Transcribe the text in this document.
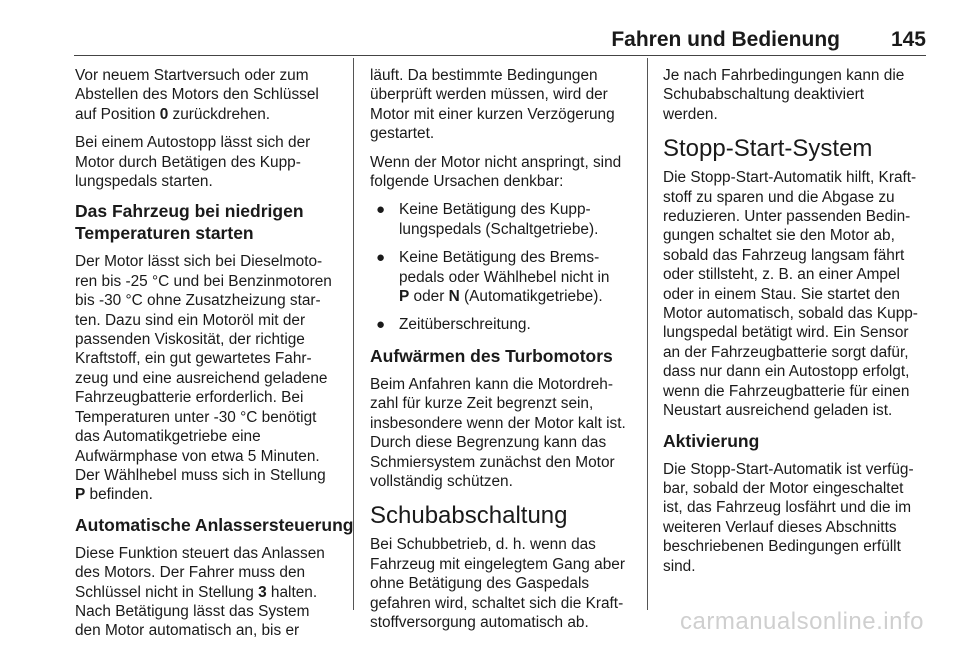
Fahren und Bedienung 145

Vor neuem Startversuch oder zum
Abstellen des Motors den Schlüssel
auf Position 0 zurückdrehen.

Bei einem Autostopp lässt sich der
Motor durch Betätigen des Kupp-
lungspedals starten.

Das Fahrzeug bei niedrigen
Temperaturen starten

Der Motor lässt sich bei Dieselmoto-
ren bis -25 °C und bei Benzinmotoren
bis -30 °C ohne Zusatzheizung star-
ten. Dazu sind ein Motoröl mit der
passenden Viskosität, der richtige
Kraftstoff, ein gut gewartetes Fahr-
zeug und eine ausreichend geladene
Fahrzeugbatterie erforderlich. Bei
Temperaturen unter -30 °C benötigt
das Automatikgetriebe eine
Aufwärmphase von etwa 5 Minuten.
Der Wählhebel muss sich in Stellung
P befinden.

Automatische Anlassersteuerung

Diese Funktion steuert das Anlassen
des Motors. Der Fahrer muss den
Schlüssel nicht in Stellung 3 halten.
Nach Betätigung lässt das System
den Motor automatisch an, bis er

läuft. Da bestimmte Bedingungen
überprüft werden müssen, wird der
Motor mit einer kurzen Verzögerung
gestartet.

Wenn der Motor nicht anspringt, sind
folgende Ursachen denkbar:

● Keine Betätigung des Kupp-
lungspedals (Schaltgetriebe).
● Keine Betätigung des Brems-
pedals oder Wählhebel nicht in
P oder N (Automatikgetriebe).
● Zeitüberschreitung.
Aufwärmen des Turbomotors

Beim Anfahren kann die Motordreh-
zahl für kurze Zeit begrenzt sein,
insbesondere wenn der Motor kalt ist.
Durch diese Begrenzung kann das
Schmiersystem zunächst den Motor
vollständig schützen.

Schubabschaltung

Bei Schubbetrieb, d. h. wenn das
Fahrzeug mit eingelegtem Gang aber
ohne Betätigung des Gaspedals
gefahren wird, schaltet sich die Kraft-
stoffversorgung automatisch ab.

Je nach Fahrbedingungen kann die
Schubabschaltung deaktiviert
werden.

Stopp-Start-System

Die Stopp-Start-Automatik hilft, Kraft-
stoff zu sparen und die Abgase zu
reduzieren. Unter passenden Bedin-
gungen schaltet sie den Motor ab,
sobald das Fahrzeug langsam fährt
oder stillsteht, z. B. an einer Ampel
oder in einem Stau. Sie startet den
Motor automatisch, sobald das Kupp-
lungspedal betätigt wird. Ein Sensor
an der Fahrzeugbatterie sorgt dafür,
dass nur dann ein Autostopp erfolgt,
wenn die Fahrzeugbatterie für einen
Neustart ausreichend geladen ist.

Aktivierung

Die Stopp-Start-Automatik ist verfüg-
bar, sobald der Motor eingeschaltet
ist, das Fahrzeug losfährt und die im
weiteren Verlauf dieses Abschnitts
beschriebenen Bedingungen erfüllt
sind.

carmanualsonline.info
